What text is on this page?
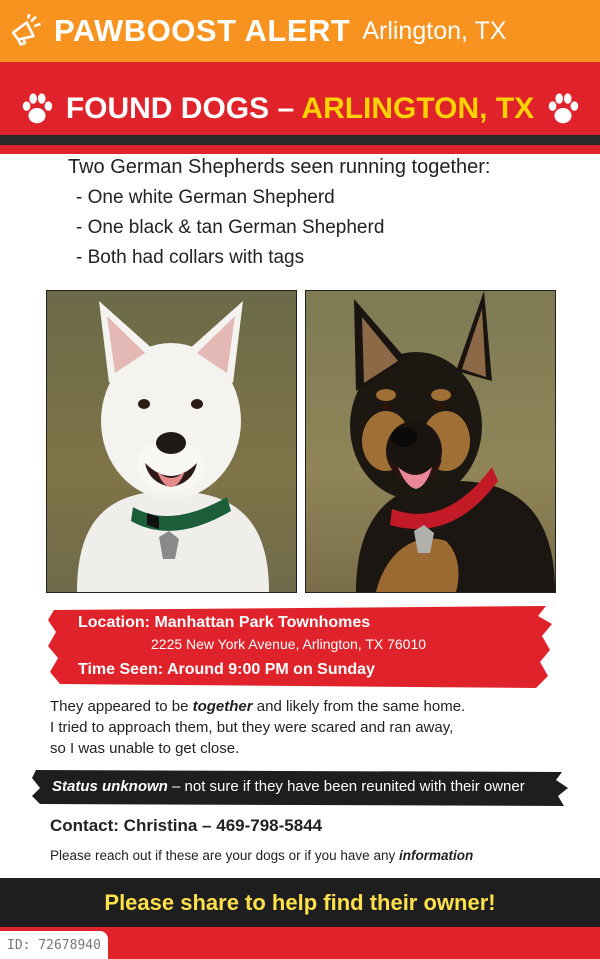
PAWBOOST ALERT Arlington, TX
FOUND DOGS – ARLINGTON, TX

Two German Shepherds seen running together:

- One white German Shepherd
- One black & tan German Shepherd
- Both had collars with tags
Location: Manhattan Park Townhomes
2225 New York Avenue, Arlington, TX 76010
Time Seen: Around 9:00 PM on Sunday

They appeared to be together and likely from the same home.

I tried to approach them, but they were scared and ran away,

so I was unable to get close.

Status unknown – not sure if they have been reunited with their owner

Contact: Christina – 469-798-5844

Please reach out if these are your dogs or if you have any information

Please share to help find their owner!
ID: 72678940
